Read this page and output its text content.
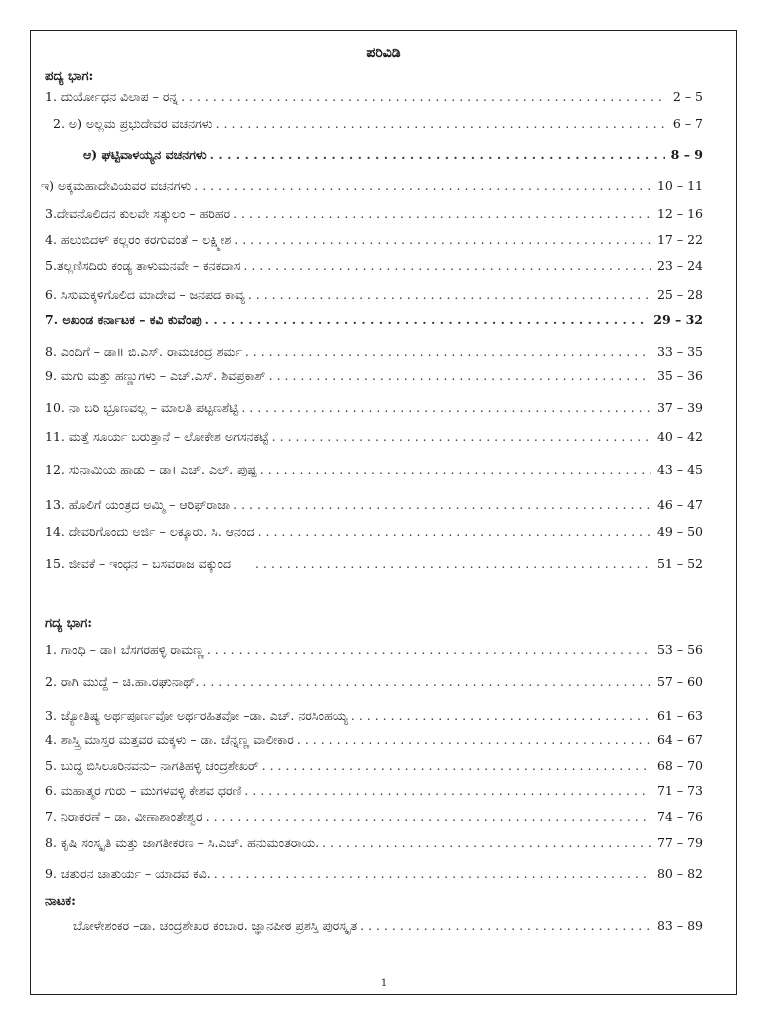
ಪರಿವಿಡಿ
ಪದ್ಯ ಭಾಗ:
1. ದುರ್ಯೋಧನ ವಿಲಾಪ – ರನ್ನ . . .	2 – 5
2. ಅ) ಅಲ್ಲಮ ಪ್ರಭುದೇವರ ವಚನಗಳು . . .	6 – 7
ಆ) ಘಟ್ಟಿವಾಳಯ್ಯನ ವಚನಗಳು . . .	8 – 9
ಇ) ಅಕ್ಕಮಹಾದೇವಿಯವರ ವಚನಗಳು . . .	10 – 11
3.ದೇವನೊಲಿದನ ಕುಲವೇ ಸತ್ಕುಲಂ – ಹರಿಹರ . . .	12 – 16
4. ಹಲುಬಿದಳ್ ಕಲ್ಲರಂ ಕರಗುವಂತೆ – ಲಕ್ಷ್ಮೀಶ . . .	17 – 22
5.ತಲ್ಲಣಿಸದಿರು ಕಂಡ್ಯ ತಾಳುಮನವೇ – ಕನಕದಾಸ . . .	23 – 24
6. ಸಿಸುಮಕ್ಕಳಿಗೊಲಿದ ಮಾದೇವ – ಜನಪದ ಕಾವ್ಯ . . .	25 – 28
7. ಅಖಂಡ ಕರ್ನಾಟಕ – ಕವಿ ಕುವೆಂಪು . . .	29 – 32
8. ಎಂದಿಗೆ – ಡಾ॥ ಬಿ.ಎಸ್. ರಾಮಚಂದ್ರ ಶರ್ಮ . . .	33 – 35
9. ಮಗು ಮತ್ತು ಹಣ್ಣುಗಳು – ಎಚ್.ಎಸ್. ಶಿವಪ್ರಕಾಶ್ . . .	35 – 36
10. ನಾ ಬರಿ ಭ್ರೂಣವಲ್ಲ – ಮಾಲತಿ ಪಟ್ಟಣಶೆಟ್ಟಿ . . .	37 – 39
11. ಮತ್ತೆ ಸೂರ್ಯ ಬರುತ್ತಾನೆ – ಲೋಕೇಶ ಅಗಸನಕಟ್ಟೆ . . .	40 – 42
12. ಸುನಾಮಿಯ ಹಾಡು – ಡಾ। ಎಚ್. ಎಲ್. ಪುಷ್ಪ . . .	43 – 45
13. ಹೊಲಿಗೆ ಯಂತ್ರದ ಅಮ್ಮಿ – ಆರಿಫ್‌ರಾಜಾ . . .	46 – 47
14. ದೇವರಿಗೊಂದು ಅರ್ಜಿ – ಲಕ್ಕೂರು. ಸಿ. ಆನಂದ . . .	49 – 50
15. ಜೀವಕೆ – ಇಂಧನ – ಬಸವರಾಜ ವಕ್ಕುಂದ . . .	51 – 52
ಗದ್ಯ ಭಾಗ:
1. ಗಾಂಧಿ – ಡಾ। ಬೆಸಗರಹಳ್ಳಿ ರಾಮಣ್ಣ . . .	53 – 56
2. ರಾಗಿ ಮುದ್ದೆ – ಚಿ.ಹಾ.ರಘುನಾಥ್. . . .	57 – 60
3. ಜ್ಯೋತಿಷ್ಯ ಅರ್ಥಪೂರ್ಣವೋ ಅರ್ಥರಹಿತವೋ –ಡಾ. ಎಚ್. ನರಸಿಂಹಯ್ಯ . . .	61 – 63
4. ಶಾಸ್ತ್ರಿ ಮಾಸ್ತರ ಮತ್ತವರ ಮಕ್ಕಳು – ಡಾ. ಚೆನ್ನಣ್ಣ ವಾಲೀಕಾರ . . .	64 – 67
5. ಬುದ್ಧ ಬಿಸಿಲೂರಿನವನು– ನಾಗತಿಹಳ್ಳಿ ಚಂದ್ರಶೇಖರ್ . . .	68 – 70
6. ಮಹಾತ್ಮರ ಗುರು – ಮುಗಳವಳ್ಳಿ ಕೇಶವ ಧರಣಿ . . .	71 – 73
7. ನಿರಾಕರಣೆ – ಡಾ. ವೀಣಾಶಾಂತೇಶ್ವರ . . .	74 – 76
8. ಕೃಷಿ ಸಂಸ್ಕೃತಿ ಮತ್ತು ಜಾಗತೀಕರಣ – ಸಿ.ಎಚ್. ಹನುಮಂತರಾಯ. . . .	77 – 79
9. ಚತುರನ ಚಾತುರ್ಯ – ಯಾದವ ಕವಿ. . . .	80 – 82
ನಾಟಕ:
ಬೋಳೇಶಂಕರ –ಡಾ. ಚಂದ್ರಶೇಖರ ಕಂಬಾರ. ಜ್ಞಾನಪೀಠ ಪ್ರಶಸ್ತಿ ಪುರಸ್ಕೃತ . . .	83 – 89
1
